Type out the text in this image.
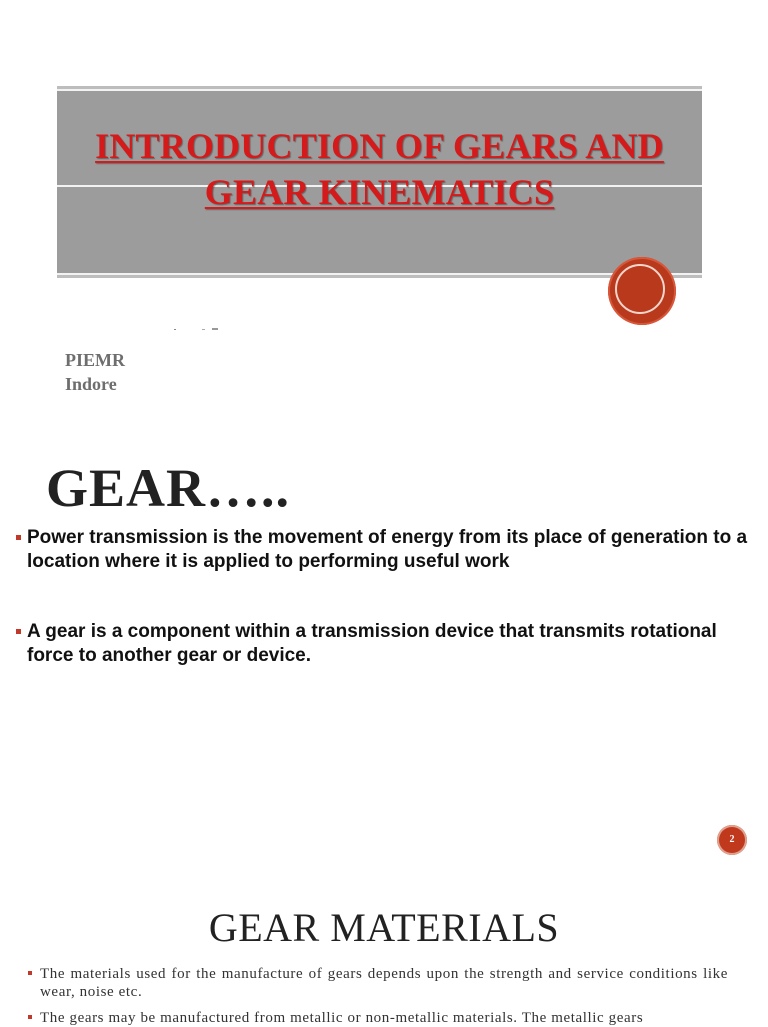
INTRODUCTION OF GEARS AND
GEAR KINEMATICS
PIEMR
Indore
GEAR…..
Power transmission is the movement of energy from its place of generation to a location where it is applied to performing useful work
A gear is a component within a transmission device that transmits rotational force to another gear or device.
2
GEAR MATERIALS
The materials used for the manufacture of gears depends upon the strength and service conditions like wear, noise etc.
The gears may be manufactured from metallic or non-metallic materials. The metallic gears
